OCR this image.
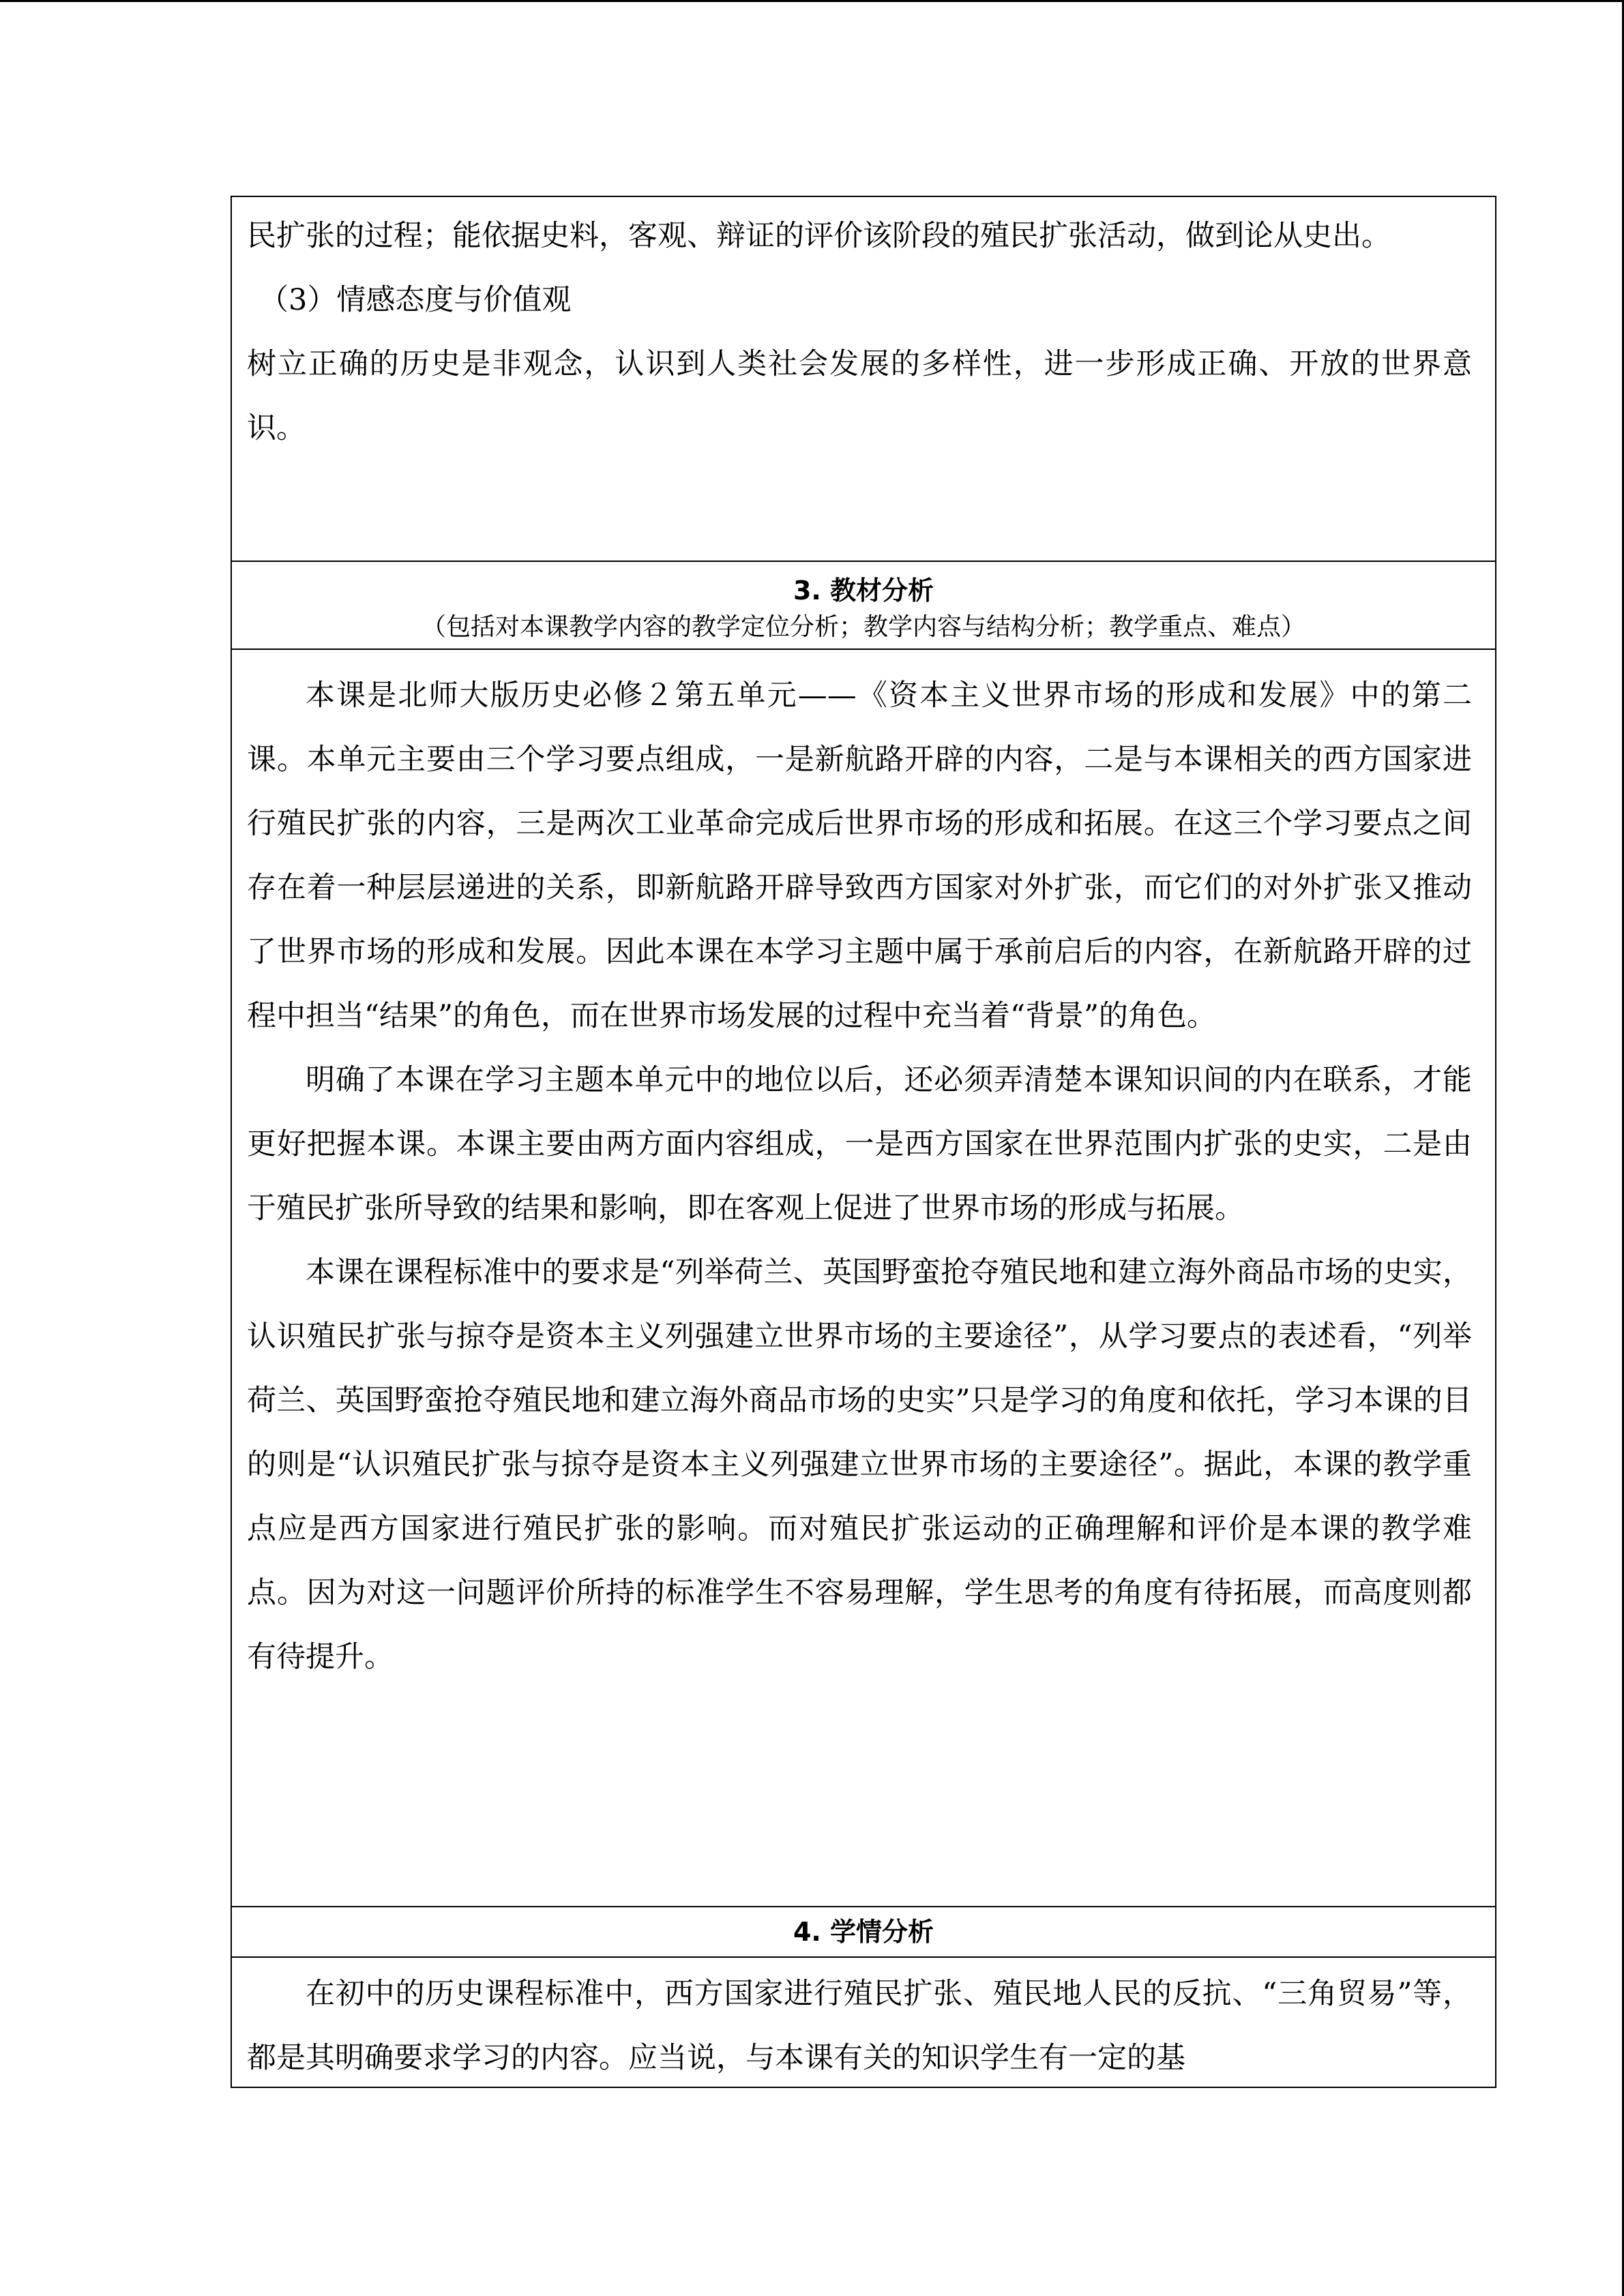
民扩张的过程；能依据史料，客观、辩证的评价该阶段的殖民扩张活动，做到论从史出。

（3）情感态度与价值观

树立正确的历史是非观念，认识到人类社会发展的多样性，进一步形成正确、开放的世界意识。

3. 教材分析
（包括对本课教学内容的教学定位分析；教学内容与结构分析；教学重点、难点）

本课是北师大版历史必修２第五单元——《资本主义世界市场的形成和发展》中的第二课。本单元主要由三个学习要点组成，一是新航路开辟的内容，二是与本课相关的西方国家进行殖民扩张的内容，三是两次工业革命完成后世界市场的形成和拓展。在这三个学习要点之间存在着一种层层递进的关系，即新航路开辟导致西方国家对外扩张，而它们的对外扩张又推动了世界市场的形成和发展。因此本课在本学习主题中属于承前启后的内容，在新航路开辟的过程中担当“结果”的角色，而在世界市场发展的过程中充当着“背景”的角色。

明确了本课在学习主题本单元中的地位以后，还必须弄清楚本课知识间的内在联系，才能更好把握本课。本课主要由两方面内容组成，一是西方国家在世界范围内扩张的史实，二是由于殖民扩张所导致的结果和影响，即在客观上促进了世界市场的形成与拓展。

本课在课程标准中的要求是“列举荷兰、英国野蛮抢夺殖民地和建立海外商品市场的史实，认识殖民扩张与掠夺是资本主义列强建立世界市场的主要途径”，从学习要点的表述看，“列举荷兰、英国野蛮抢夺殖民地和建立海外商品市场的史实”只是学习的角度和依托，学习本课的目的则是“认识殖民扩张与掠夺是资本主义列强建立世界市场的主要途径”。据此，本课的教学重点应是西方国家进行殖民扩张的影响。而对殖民扩张运动的正确理解和评价是本课的教学难点。因为对这一问题评价所持的标准学生不容易理解，学生思考的角度有待拓展，而高度则都有待提升。

4. 学情分析

在初中的历史课程标准中，西方国家进行殖民扩张、殖民地人民的反抗、“三角贸易”等，都是其明确要求学习的内容。应当说，与本课有关的知识学生有一定的基
